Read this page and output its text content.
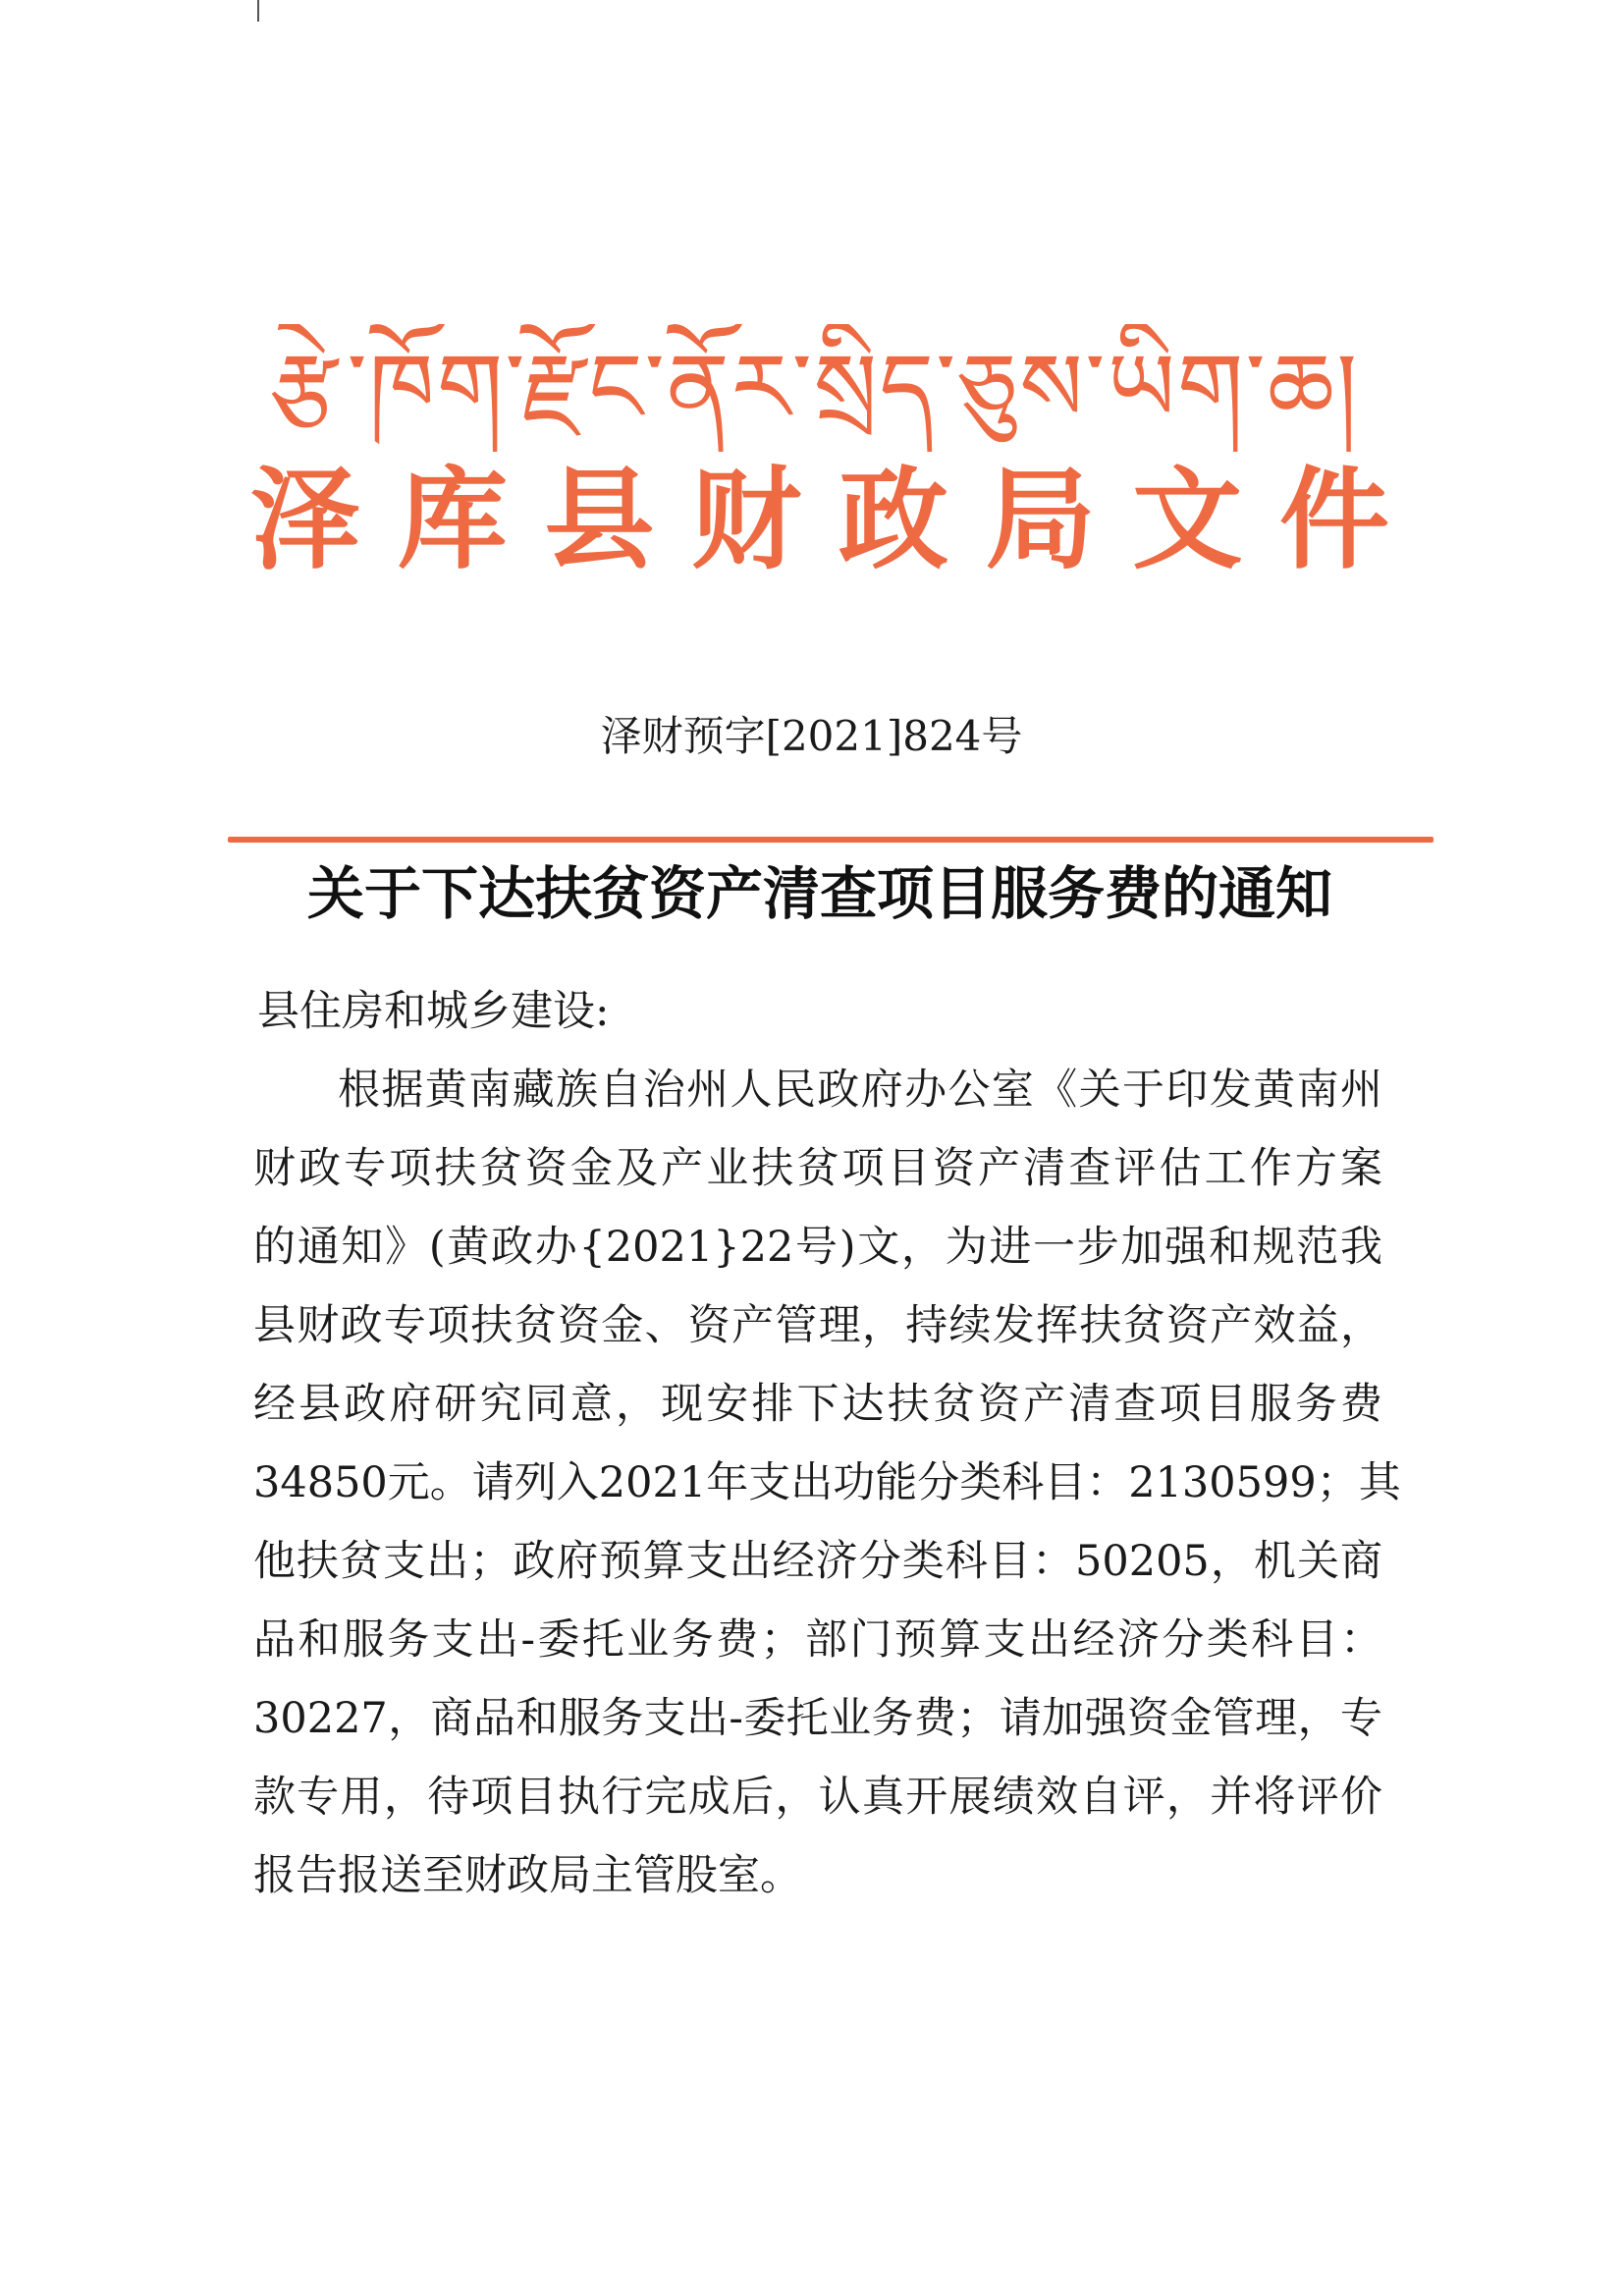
རྩེ་ཁོག་རྫོང་ནོར་སྲིད་ཅུས་ཡིག་ཆ།
泽库县财政局文件
泽财预字[2021]824号
关于下达扶贫资产清查项目服务费的通知
县住房和城乡建设:
根据黄南藏族自治州人民政府办公室《关于印发黄南州
财政专项扶贫资金及产业扶贫项目资产清查评估工作方案
的通知》(黄政办{2021}22号)文，为进一步加强和规范我
县财政专项扶贫资金、资产管理，持续发挥扶贫资产效益，
经县政府研究同意，现安排下达扶贫资产清查项目服务费
34850元。请列入2021年支出功能分类科目：2130599；其
他扶贫支出；政府预算支出经济分类科目：50205，机关商
品和服务支出-委托业务费；部门预算支出经济分类科目：
30227，商品和服务支出-委托业务费；请加强资金管理，专
款专用，待项目执行完成后，认真开展绩效自评，并将评价
报告报送至财政局主管股室。
